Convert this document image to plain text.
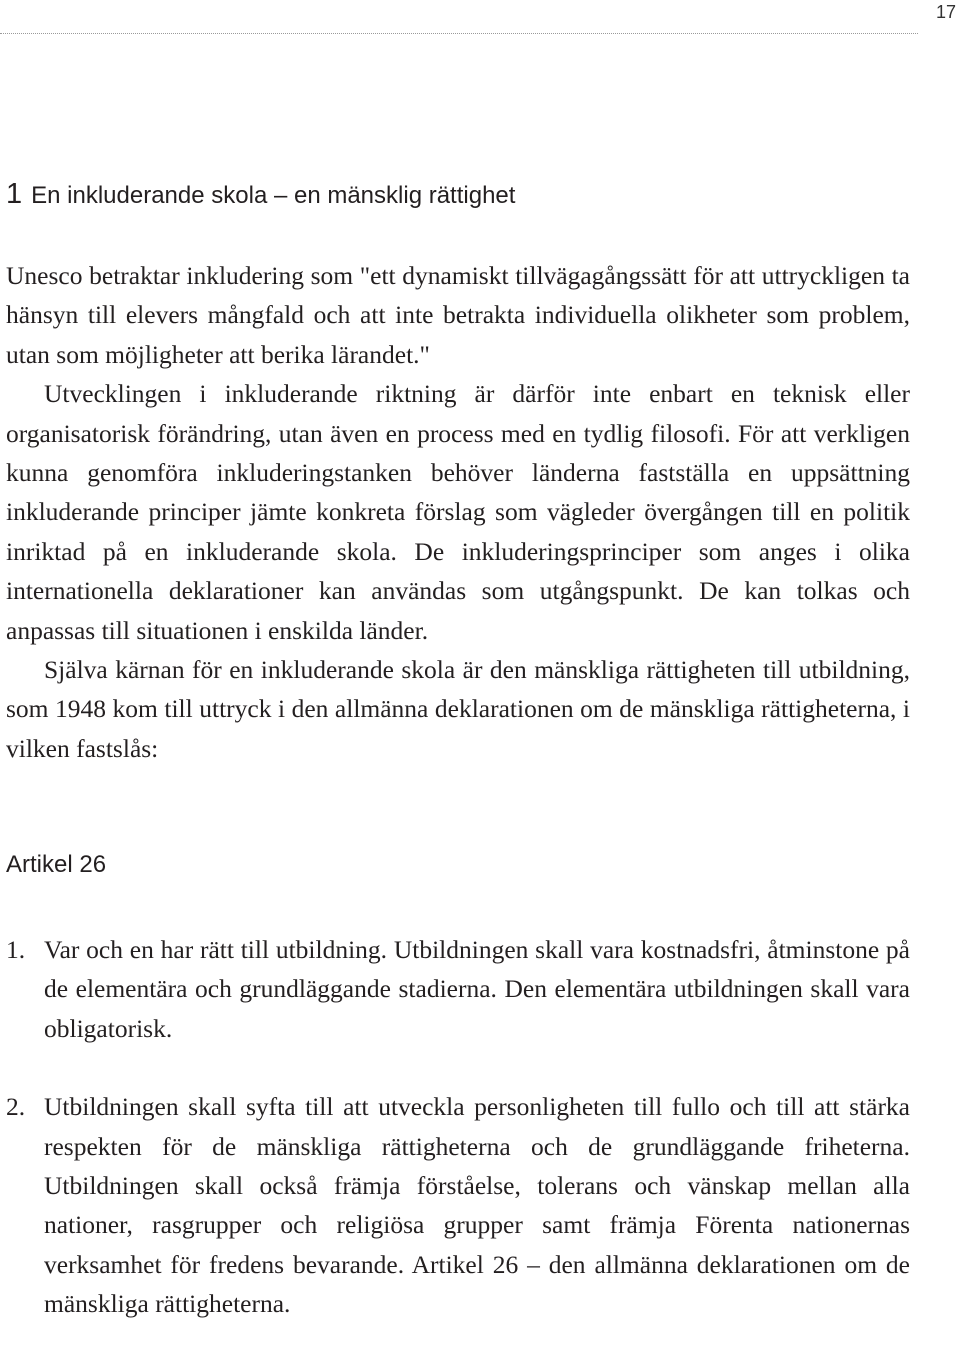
17
1 En inkluderande skola – en mänsklig rättighet

Unesco betraktar inkludering som "ett dynamiskt tillvägagångssätt för att uttryckligen ta hänsyn till elevers mångfald och att inte betrakta individuella olikheter som problem, utan som möjligheter att berika lärandet."

Utvecklingen i inkluderande riktning är därför inte enbart en teknisk eller organisatorisk förändring, utan även en process med en tydlig filosofi. För att verkligen kunna genomföra inkluderingstanken behöver länderna fastställa en uppsättning inkluderande principer jämte konkreta förslag som vägleder övergången till en politik inriktad på en inkluderande skola. De inkluderingsprinciper som anges i olika internationella deklarationer kan användas som utgångspunkt. De kan tolkas och anpassas till situationen i enskilda länder.

Själva kärnan för en inkluderande skola är den mänskliga rättigheten till utbildning, som 1948 kom till uttryck i den allmänna deklarationen om de mänskliga rättigheterna, i vilken fastslås:

Artikel 26
1. Var och en har rätt till utbildning. Utbildningen skall vara kostnadsfri, åtminstone på de elementära och grundläggande stadierna. Den elementära utbildningen skall vara obligatorisk.
2. Utbildningen skall syfta till att utveckla personligheten till fullo och till att stärka respekten för de mänskliga rättigheterna och de grundläggande friheterna. Utbildningen skall också främja förståelse, tolerans och vänskap mellan alla nationer, rasgrupper och religiösa grupper samt främja Förenta nationernas verksamhet för fredens bevarande. Artikel 26 – den allmänna deklarationen om de mänskliga rättigheterna.
